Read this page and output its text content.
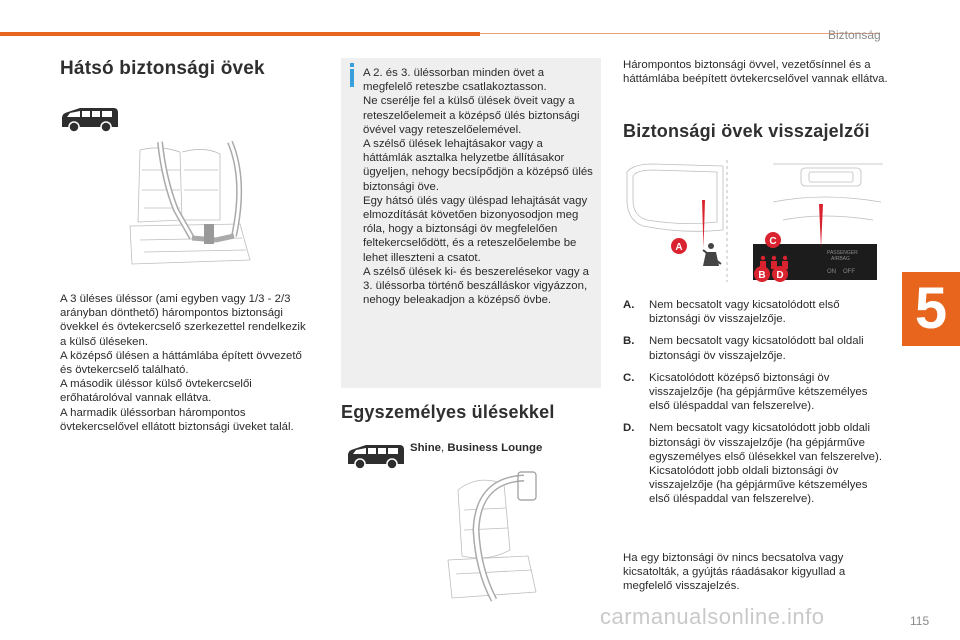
Biztonság
5
Hátsó biztonsági övek
A 3 üléses üléssor (ami egyben vagy 1/3 - 2/3 arányban dönthető) hárompontos biztonsági övekkel és övtekercselő szerkezettel rendelkezik a külső üléseken.
A középső ülésen a háttámlába épített övvezető és övtekercselő található.
A második üléssor külső övtekercselői erőhatárolóval vannak ellátva.
A harmadik üléssorban hárompontos övtekercselővel ellátott biztonsági üveket talál.
A 2. és 3. üléssorban minden övet a megfelelő reteszbe csatlakoztasson.
Ne cserélje fel a külső ülések öveit vagy a reteszelőelemeit a középső ülés biztonsági övével vagy reteszelőelemével.
A szélső ülések lehajtásakor vagy a háttámlák asztalka helyzetbe állításakor ügyeljen, nehogy becsípődjön a középső ülés biztonsági öve.
Egy hátsó ülés vagy üléspad lehajtását vagy elmozdítását követően bizonyosodjon meg róla, hogy a biztonsági öv megfelelően feltekercselődött, és a reteszelőelembe be lehet illeszteni a csatot.
A szélső ülések ki- és beszerelésekor vagy a 3. üléssorba történő beszálláskor vigyázzon, nehogy beleakadjon a középső övbe.
Egyszemélyes ülésekkel
Shine, Business Lounge
Hárompontos biztonsági övvel, vezetősínnel és a háttámlába beépített övtekercselővel vannak ellátva.
Biztonsági övek visszajelzői
PASSENGER
AIRBAG
ON OFF
A
C
B D
A.	Nem becsatolt vagy kicsatolódott első biztonsági öv visszajelzője.
B.	Nem becsatolt vagy kicsatolódott bal oldali biztonsági öv visszajelzője.
C.	Kicsatolódott középső biztonsági öv visszajelzője (ha gépjárműve kétszemélyes első üléspaddal van felszerelve).
D.	Nem becsatolt vagy kicsatolódott jobb oldali biztonsági öv visszajelzője (ha gépjárműve egyszemélyes első ülésekkel van felszerelve).
Kicsatolódott jobb oldali biztonsági öv visszajelzője (ha gépjárműve kétszemélyes első üléspaddal van felszerelve).
Ha egy biztonsági öv nincs becsatolva vagy kicsatolták, a gyújtás ráadásakor kigyullad a megfelelő visszajelzés.
carmanualsonline.info	115
